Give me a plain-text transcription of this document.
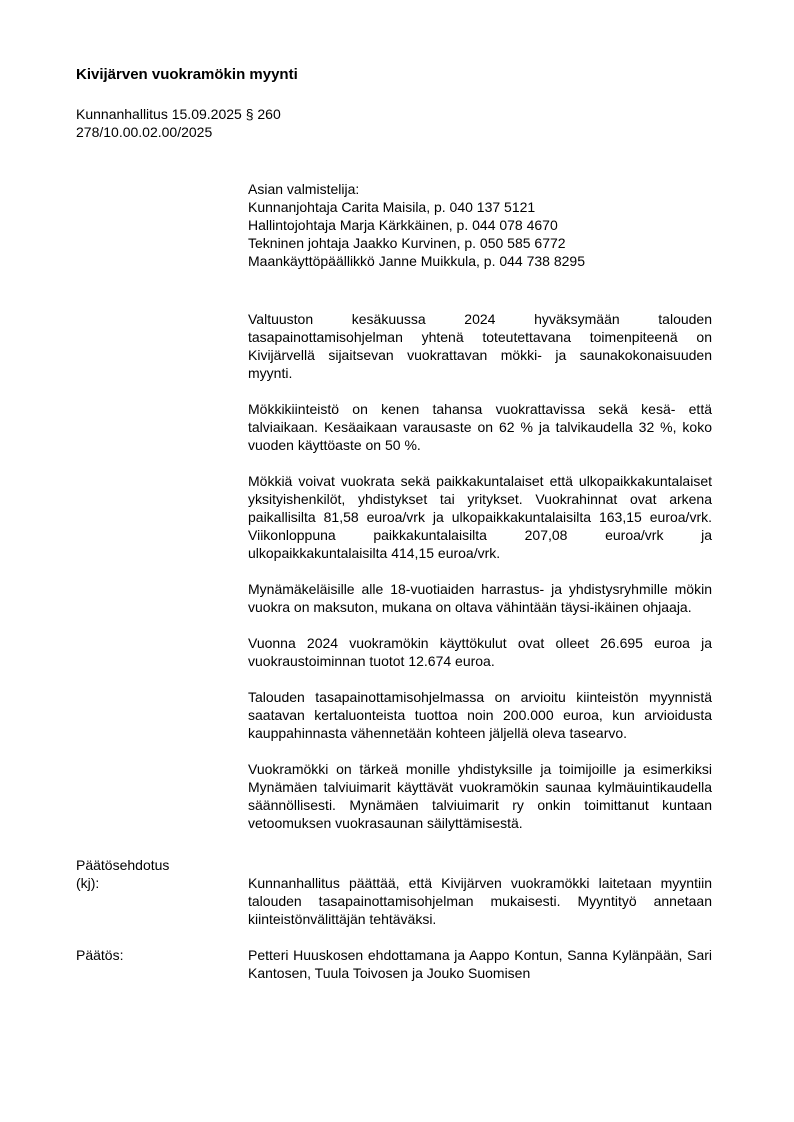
Kivijärven vuokramökin myynti

Kunnanhallitus 15.09.2025 § 260

278/10.00.02.00/2025

Asian valmistelija:

Kunnanjohtaja Carita Maisila, p. 040 137 5121

Hallintojohtaja Marja Kärkkäinen, p. 044 078 4670

Tekninen johtaja Jaakko Kurvinen, p. 050 585 6772

Maankäyttöpäällikkö Janne Muikkula, p. 044 738 8295

Valtuuston kesäkuussa 2024 hyväksymään talouden tasapainottamisohjelman yhtenä toteutettavana toimenpiteenä on Kivijärvellä sijaitsevan vuokrattavan mökki- ja saunakokonaisuuden myynti.

Mökkikiinteistö on kenen tahansa vuokrattavissa sekä kesä- että talviaikaan. Kesäaikaan varausaste on 62 % ja talvikaudella 32 %, koko vuoden käyttöaste on 50 %.

Mökkiä voivat vuokrata sekä paikkakuntalaiset että ulkopaikkakuntalaiset yksityishenkilöt, yhdistykset tai yritykset. Vuokrahinnat ovat arkena paikallisilta 81,58 euroa/vrk ja ulkopaikkakuntalaisilta 163,15 euroa/vrk. Viikonloppuna paikkakuntalaisilta 207,08 euroa/vrk ja ulkopaikkakuntalaisilta 414,15 euroa/vrk.

Mynämäkeläisille alle 18-vuotiaiden harrastus- ja yhdistysryhmille mökin vuokra on maksuton, mukana on oltava vähintään täysi-ikäinen ohjaaja.

Vuonna 2024 vuokramökin käyttökulut ovat olleet 26.695 euroa ja vuokraustoiminnan tuotot 12.674 euroa.

Talouden tasapainottamisohjelmassa on arvioitu kiinteistön myynnistä saatavan kertaluonteista tuottoa noin 200.000 euroa, kun arvioidusta kauppahinnasta vähennetään kohteen jäljellä oleva tasearvo.

Vuokramökki on tärkeä monille yhdistyksille ja toimijoille ja esimerkiksi Mynämäen talviuimarit käyttävät vuokramökin saunaa kylmäuintikaudella säännöllisesti. Mynämäen talviuimarit ry onkin toimittanut kuntaan vetoomuksen vuokrasaunan säilyttämisestä.

Päätösehdotus
(kj):	Kunnanhallitus päättää, että Kivijärven vuokramökki laitetaan myyntiin talouden tasapainottamisohjelman mukaisesti. Myyntityö annetaan kiinteistönvälittäjän tehtäväksi.

Päätös:	Petteri Huuskosen ehdottamana ja Aappo Kontun, Sanna Kylänpään, Sari Kantosen, Tuula Toivosen ja Jouko Suomisen
